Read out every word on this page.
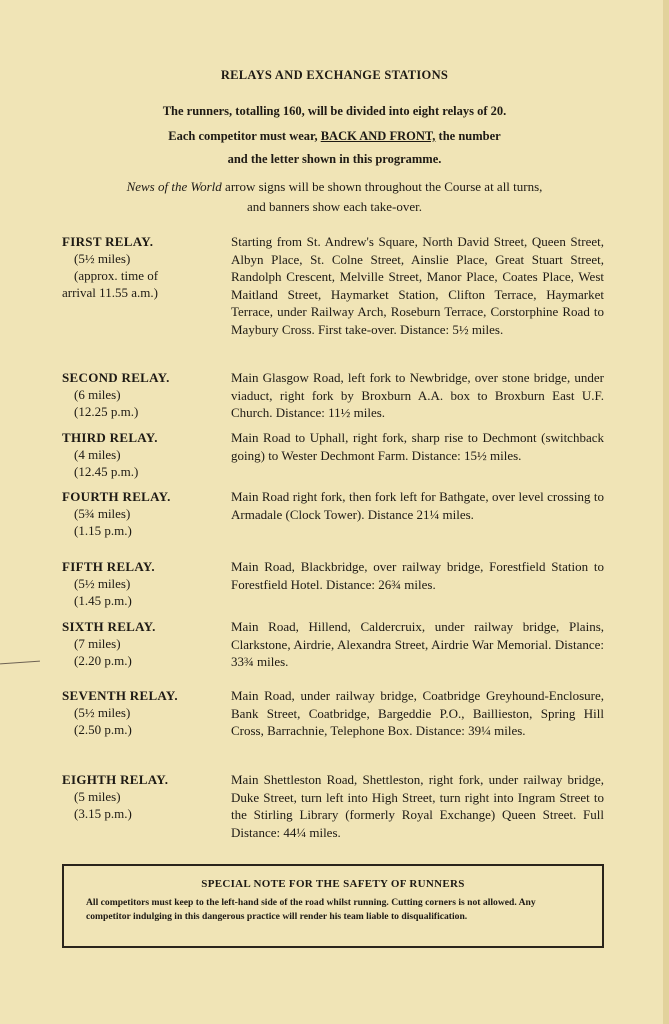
RELAYS AND EXCHANGE STATIONS
The runners, totalling 160, will be divided into eight relays of 20.
Each competitor must wear, BACK AND FRONT, the number
and the letter shown in this programme.
News of the World arrow signs will be shown throughout the Course at all turns,
and banners show each take-over.
FIRST RELAY.
(5½ miles)
(approx. time of
arrival 11.55 a.m.)
Starting from St. Andrew's Square, North David Street, Queen Street, Albyn Place, St. Colne Street, Ainslie Place, Great Stuart Street, Randolph Crescent, Melville Street, Manor Place, Coates Place, West Maitland Street, Haymarket Station, Clifton Terrace, Haymarket Terrace, under Railway Arch, Roseburn Terrace, Corstorphine Road to Maybury Cross. First take-over. Distance: 5½ miles.
SECOND RELAY.
(6 miles)
(12.25 p.m.)
Main Glasgow Road, left fork to Newbridge, over stone bridge, under viaduct, right fork by Broxburn A.A. box to Broxburn East U.F. Church. Distance: 11½ miles.
THIRD RELAY.
(4 miles)
(12.45 p.m.)
Main Road to Uphall, right fork, sharp rise to Dechmont (switchback going) to Wester Dechmont Farm. Distance: 15½ miles.
FOURTH RELAY.
(5¾ miles)
(1.15 p.m.)
Main Road right fork, then fork left for Bathgate, over level crossing to Armadale (Clock Tower). Distance 21¼ miles.
FIFTH RELAY.
(5½ miles)
(1.45 p.m.)
Main Road, Blackbridge, over railway bridge, Forestfield Station to Forestfield Hotel. Distance: 26¾ miles.
SIXTH RELAY.
(7 miles)
(2.20 p.m.)
Main Road, Hillend, Caldercruix, under railway bridge, Plains, Clarkstone, Airdrie, Alexandra Street, Airdrie War Memorial. Distance: 33¾ miles.
SEVENTH RELAY.
(5½ miles)
(2.50 p.m.)
Main Road, under railway bridge, Coatbridge Greyhound-Enclosure, Bank Street, Coatbridge, Bargeddie P.O., Baillieston, Spring Hill Cross, Barrachnie, Telephone Box. Distance: 39¼ miles.
EIGHTH RELAY.
(5 miles)
(3.15 p.m.)
Main Shettleston Road, Shettleston, right fork, under railway bridge, Duke Street, turn left into High Street, turn right into Ingram Street to the Stirling Library (formerly Royal Exchange) Queen Street. Full Distance: 44¼ miles.
SPECIAL NOTE FOR THE SAFETY OF RUNNERS
All competitors must keep to the left-hand side of the road whilst running. Cutting corners is not allowed. Any competitor indulging in this dangerous practice will render his team liable to disqualification.
